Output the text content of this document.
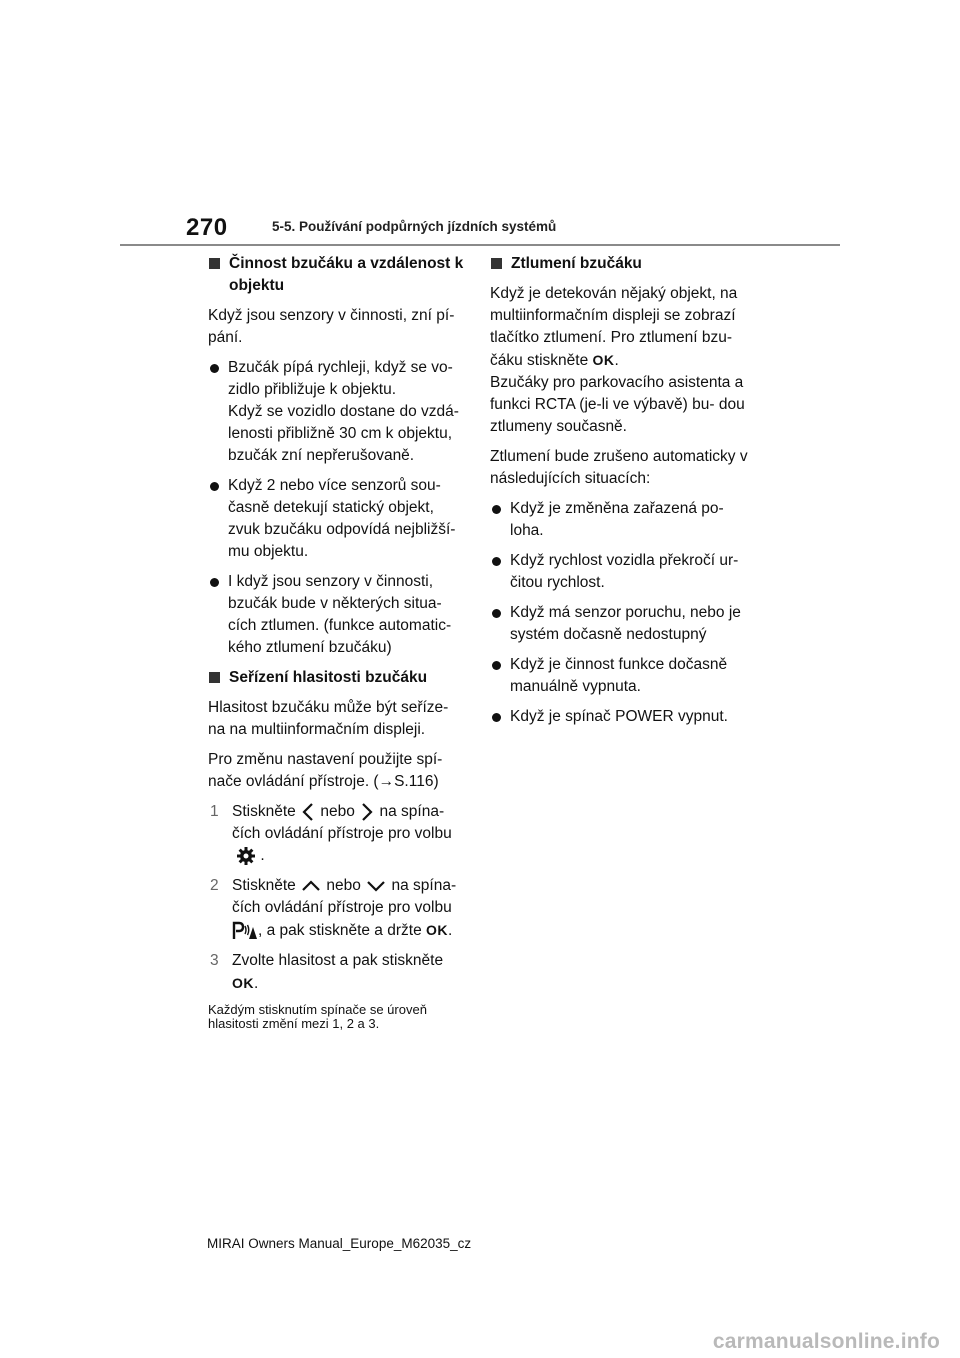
270	5-5. Používání podpůrných jízdních systémů
Činnost bzučáku a vzdálenost k objektu

Když jsou senzory v činnosti, zní pí- pání.

Bzučák pípá rychleji, když se vo- zidlo přibližuje k objektu.
Když se vozidlo dostane do vzdá- lenosti přibližně 30 cm k objektu, bzučák zní nepřerušovaně.
Když 2 nebo více senzorů sou- časně detekují statický objekt, zvuk bzučáku odpovídá nejbližší- mu objektu.
I když jsou senzory v činnosti, bzučák bude v některých situa- cích ztlumen. (funkce automatic- kého ztlumení bzučáku)
Seřízení hlasitosti bzučáku

Hlasitost bzučáku může být seříze- na na multiinformačním displeji.

Pro změnu nastavení použijte spí- nače ovládání přístroje. (→S.116)

1 Stiskněte nebo na spína- čích ovládání přístroje pro volbu
.
2 Stiskněte nebo na spína- čích ovládání přístroje pro volbu
, a pak stiskněte a držte OK.
3 Zvolte hlasitost a pak stiskněte
OK.
Každým stisknutím spínače se úroveň hlasitosti změní mezi 1, 2 a 3.
Ztlumení bzučáku

Když je detekován nějaký objekt, na multiinformačním displeji se zobrazí tlačítko ztlumení. Pro ztlumení bzu- čáku stiskněte OK.
Bzučáky pro parkovacího asistenta a funkci RCTA (je-li ve výbavě) bu- dou ztlumeny současně.

Ztlumení bude zrušeno automaticky v následujících situacích:

Když je změněna zařazená po- loha.
Když rychlost vozidla překročí ur- čitou rychlost.
Když má senzor poruchu, nebo je systém dočasně nedostupný
Když je činnost funkce dočasně manuálně vypnuta.
Když je spínač POWER vypnut.
MIRAI Owners Manual_Europe_M62035_cz
carmanualsonline.info
